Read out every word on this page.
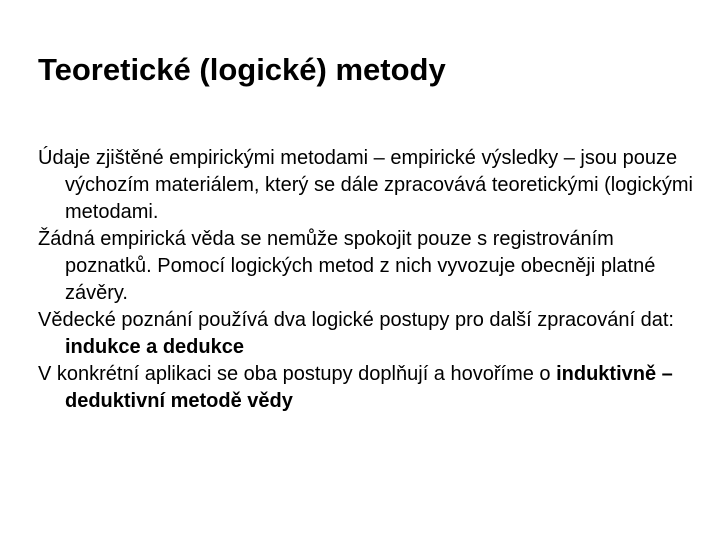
Teoretické (logické) metody

Údaje zjištěné empirickými metodami – empirické výsledky – jsou pouze výchozím materiálem, který se dále zpracovává teoretickými (logickými metodami.

Žádná empirická věda se nemůže spokojit pouze s registrováním poznatků. Pomocí logických metod z nich vyvozuje obecněji platné závěry.

Vědecké poznání používá dva logické postupy pro další zpracování dat: indukce a dedukce

V konkrétní aplikaci se oba postupy doplňují a hovoříme o induktivně – deduktivní metodě vědy
